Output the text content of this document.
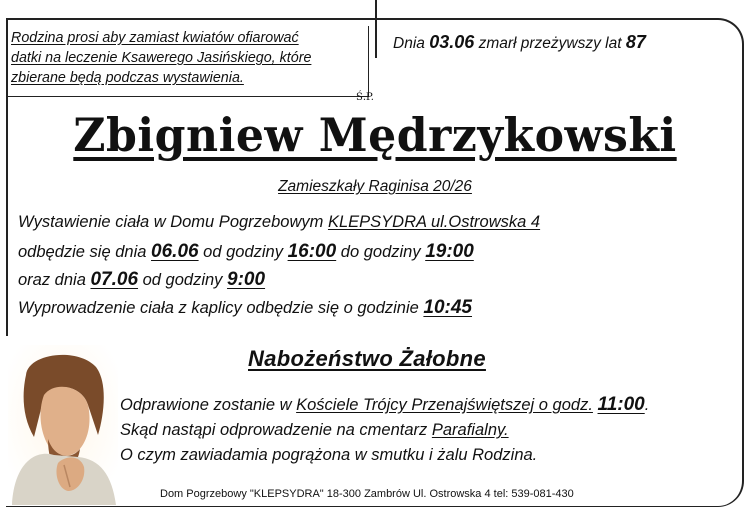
Rodzina prosi aby zamiast kwiatów ofiarować
datki na leczenie Ksawerego Jasińskiego, które
zbierane będą podczas wystawienia.
Dnia 03.06 zmarł przeżywszy lat 87
Ś.P.
Zbigniew Mędrzykowski
Zamieszkały Raginisa 20/26
Wystawienie ciała w Domu Pogrzebowym KLEPSYDRA ul.Ostrowska 4
odbędzie się dnia 06.06 od godziny 16:00 do godziny 19:00
oraz dnia 07.06 od godziny 9:00
Wyprowadzenie ciała z kaplicy odbędzie się o godzinie 10:45
Nabożeństwo Żałobne
Odprawione zostanie w Kościele Trójcy Przenajświętszej o godz. 11:00.
Skąd nastąpi odprowadzenie na cmentarz Parafialny.
O czym zawiadamia pogrążona w smutku i żalu Rodzina.
Dom Pogrzebowy "KLEPSYDRA" 18-300 Zambrów Ul. Ostrowska 4 tel: 539-081-430
